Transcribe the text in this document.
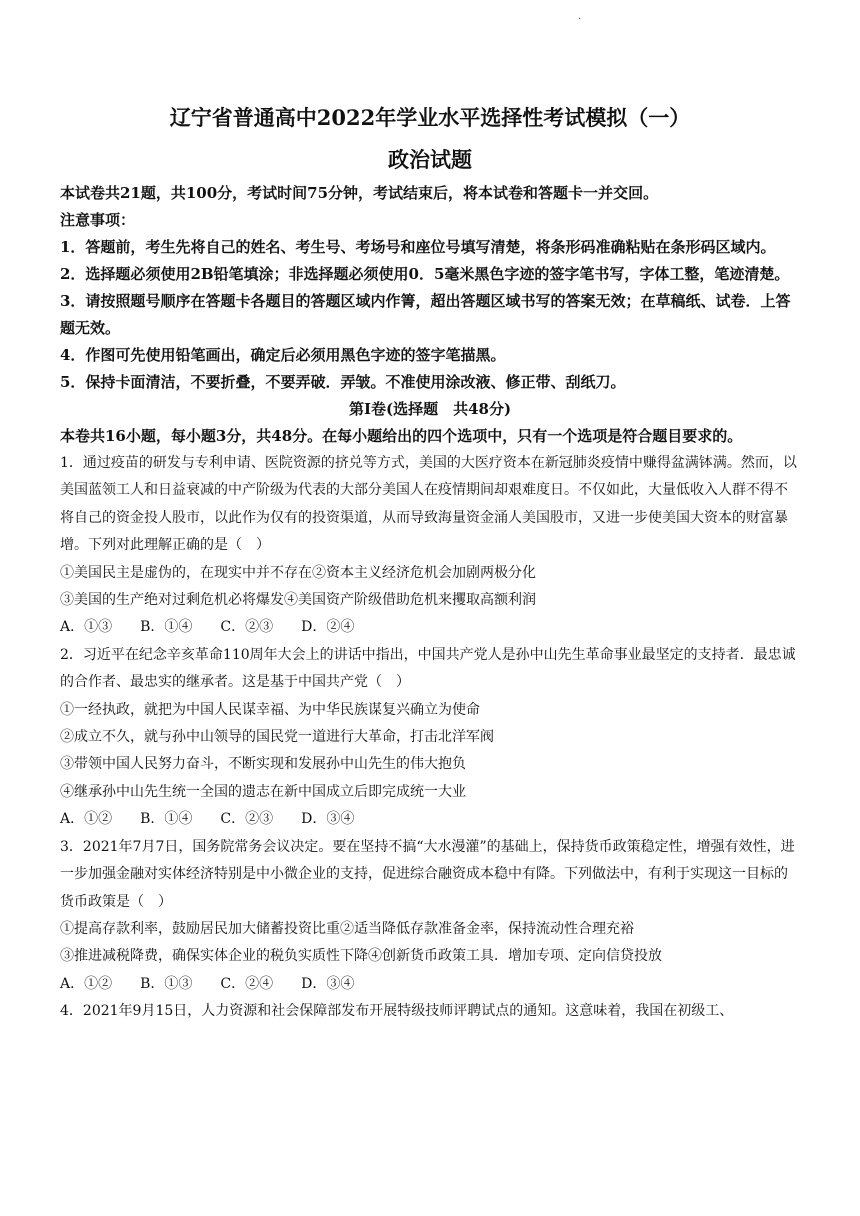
·
辽宁省普通高中2022年学业水平选择性考试模拟（一）
政治试题

本试卷共21题，共100分，考试时间75分钟，考试结束后，将本试卷和答题卡一并交回。

注意事项：

1．答题前，考生先将自己的姓名、考生号、考场号和座位号填写清楚，将条形码准确粘贴在条形码区域内。

2．选择题必须使用2B铅笔填涂；非选择题必须使用0．5毫米黑色字迹的签字笔书写，字体工整，笔迹清楚。

3．请按照题号顺序在答题卡各题目的答题区域内作箐，超出答题区域书写的答案无效；在草稿纸、试卷．上答题无效。

4．作图可先使用铅笔画出，确定后必须用黑色字迹的签字笔描黑。

5．保持卡面清洁，不要折叠，不要弄破．弄皱。不准使用涂改液、修正带、刮纸刀。

第Ⅰ卷(选择题　共48分)

本卷共16小题，每小题3分，共48分。在每小题给出的四个选项中，只有一个选项是符合题目要求的。

1．通过疫苗的研发与专利申请、医院资源的挤兑等方式，美国的大医疗资本在新冠肺炎疫情中赚得盆满钵满。然而，以美国蓝领工人和日益衰减的中产阶级为代表的大部分美国人在疫情期间却艰难度日。不仅如此，大量低收入人群不得不将自己的资金投人股市，以此作为仅有的投资渠道，从而导致海量资金涌人美国股市，又进一步使美国大资本的财富暴增。下列对此理解正确的是（　）

①美国民主是虚伪的，在现实中并不存在②资本主义经济危机会加剧两极分化

③美国的生产绝对过剩危机必将爆发④美国资产阶级借助危机来攫取高额利润

A．①③ B．①④ C．②③ D．②④

2．习近平在纪念辛亥革命110周年大会上的讲话中指出，中国共产党人是孙中山先生革命事业最坚定的支持者．最忠诚的合作者、最忠实的继承者。这是基于中国共产党（　）

①一经执政，就把为中国人民谋幸福、为中华民族谋复兴确立为使命

②成立不久，就与孙中山领导的国民党一道进行大革命，打击北洋军阀

③带领中国人民努力奋斗，不断实现和发展孙中山先生的伟大抱负

④继承孙中山先生统一全国的遗志在新中国成立后即完成统一大业

A．①② B．①④ C．②③ D．③④

3．2021年7月7日，国务院常务会议决定。要在坚持不搞“大水漫灌”的基础上，保持货币政策稳定性，增强有效性，进一步加强金融对实体经济特别是中小微企业的支持，促进综合融资成本稳中有降。下列做法中，有利于实现这一目标的货币政策是（　）

①提高存款利率，鼓励居民加大储蓄投资比重②适当降低存款准备金率，保持流动性合理充裕

③推进减税降费，确保实体企业的税负实质性下降④创新货币政策工具．增加专项、定向信贷投放

A．①② B．①③ C．②④ D．③④

4．2021年9月15日，人力资源和社会保障部发布开展特级技师评聘试点的通知。这意味着，我国在初级工、
